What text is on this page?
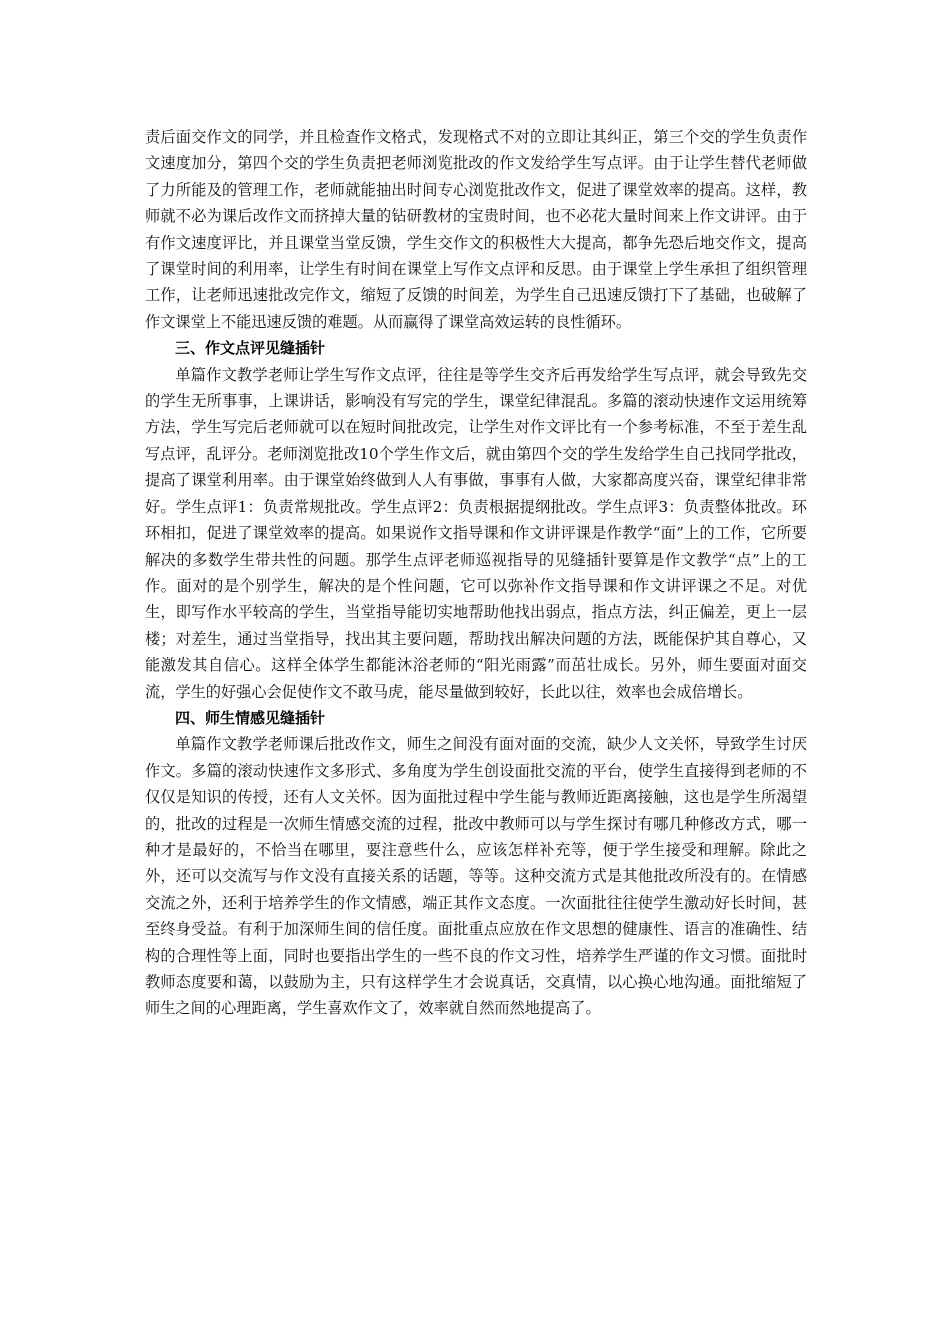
责后面交作文的同学，并且检查作文格式，发现格式不对的立即让其纠正，第三个交的学生负责作文速度加分，第四个交的学生负责把老师浏览批改的作文发给学生写点评。由于让学生替代老师做了力所能及的管理工作，老师就能抽出时间专心浏览批改作文，促进了课堂效率的提高。这样，教师就不必为课后改作文而挤掉大量的钻研教材的宝贵时间，也不必花大量时间来上作文讲评。由于有作文速度评比，并且课堂当堂反馈，学生交作文的积极性大大提高，都争先恐后地交作文，提高了课堂时间的利用率，让学生有时间在课堂上写作文点评和反思。由于课堂上学生承担了组织管理工作，让老师迅速批改完作文，缩短了反馈的时间差，为学生自己迅速反馈打下了基础，也破解了作文课堂上不能迅速反馈的难题。从而赢得了课堂高效运转的良性循环。

三、作文点评见缝插针

单篇作文教学老师让学生写作文点评，往往是等学生交齐后再发给学生写点评，就会导致先交的学生无所事事，上课讲话，影响没有写完的学生，课堂纪律混乱。多篇的滚动快速作文运用统筹方法，学生写完后老师就可以在短时间批改完，让学生对作文评比有一个参考标准，不至于差生乱写点评，乱评分。老师浏览批改10个学生作文后，就由第四个交的学生发给学生自己找同学批改，提高了课堂利用率。由于课堂始终做到人人有事做，事事有人做，大家都高度兴奋，课堂纪律非常好。学生点评1：负责常规批改。学生点评2：负责根据提纲批改。学生点评3：负责整体批改。环环相扣，促进了课堂效率的提高。如果说作文指导课和作文讲评课是作教学“面”上的工作，它所要解决的多数学生带共性的问题。那学生点评老师巡视指导的见缝插针要算是作文教学“点”上的工作。面对的是个别学生，解决的是个性问题，它可以弥补作文指导课和作文讲评课之不足。对优生，即写作水平较高的学生，当堂指导能切实地帮助他找出弱点，指点方法，纠正偏差，更上一层楼；对差生，通过当堂指导，找出其主要问题，帮助找出解决问题的方法，既能保护其自尊心，又能激发其自信心。这样全体学生都能沐浴老师的“阳光雨露”而茁壮成长。另外，师生要面对面交流，学生的好强心会促使作文不敢马虎，能尽量做到较好，长此以往，效率也会成倍增长。

四、师生情感见缝插针

单篇作文教学老师课后批改作文，师生之间没有面对面的交流，缺少人文关怀，导致学生讨厌作文。多篇的滚动快速作文多形式、多角度为学生创设面批交流的平台，使学生直接得到老师的不仅仅是知识的传授，还有人文关怀。因为面批过程中学生能与教师近距离接触，这也是学生所渴望的，批改的过程是一次师生情感交流的过程，批改中教师可以与学生探讨有哪几种修改方式，哪一种才是最好的，不恰当在哪里，要注意些什么，应该怎样补充等，便于学生接受和理解。除此之外，还可以交流写与作文没有直接关系的话题，等等。这种交流方式是其他批改所没有的。在情感交流之外，还利于培养学生的作文情感，端正其作文态度。一次面批往往使学生激动好长时间，甚至终身受益。有利于加深师生间的信任度。面批重点应放在作文思想的健康性、语言的准确性、结构的合理性等上面，同时也要指出学生的一些不良的作文习性，培养学生严谨的作文习惯。面批时教师态度要和蔼，以鼓励为主，只有这样学生才会说真话，交真情，以心换心地沟通。面批缩短了师生之间的心理距离，学生喜欢作文了，效率就自然而然地提高了。
